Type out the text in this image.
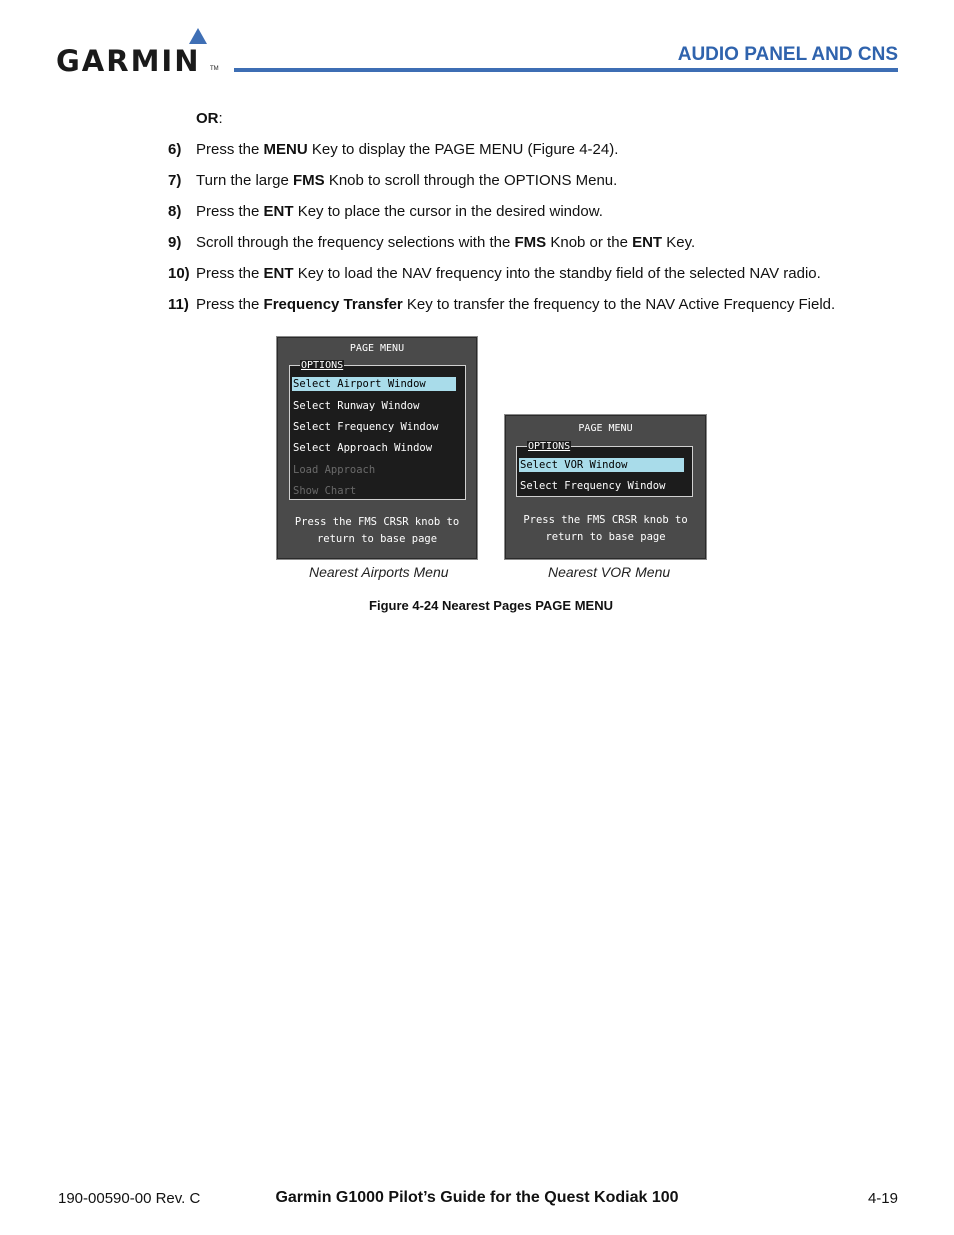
GARMIN TM
AUDIO PANEL AND CNS
OR:
6) Press the MENU Key to display the PAGE MENU (Figure 4-24).
7) Turn the large FMS Knob to scroll through the OPTIONS Menu.
8) Press the ENT Key to place the cursor in the desired window.
9) Scroll through the frequency selections with the FMS Knob or the ENT Key.
10) Press the ENT Key to load the NAV frequency into the standby field of the selected NAV radio.
11) Press the Frequency Transfer Key to transfer the frequency to the NAV Active Frequency Field.
PAGE MENU
OPTIONS
Select Airport Window
Select Runway Window
Select Frequency Window
Select Approach Window
Load Approach
Show Chart
Press the FMS CRSR knob to
return to base page
PAGE MENU
OPTIONS
Select VOR Window
Select Frequency Window
Press the FMS CRSR knob to
return to base page
Nearest Airports Menu	Nearest VOR Menu
Figure 4-24 Nearest Pages PAGE MENU
190-00590-00 Rev. C	Garmin G1000 Pilot’s Guide for the Quest Kodiak 100	4-19
